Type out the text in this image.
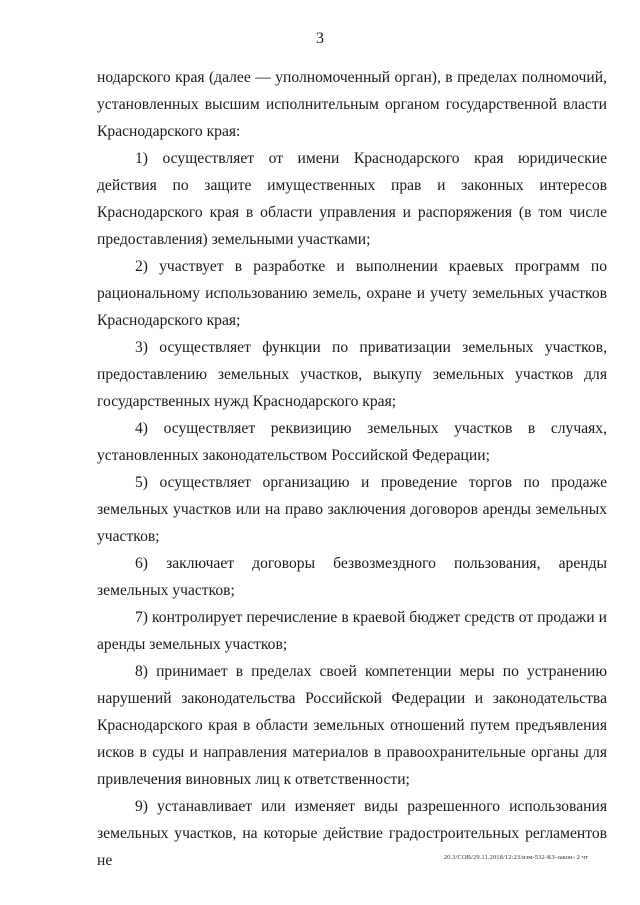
3

нодарского края (далее — уполномоченный орган), в пределах полномочий, установленных высшим исполнительным органом государственной власти Краснодарского края:

1) осуществляет от имени Краснодарского края юридические действия по защите имущественных прав и законных интересов Краснодарского края в области управления и распоряжения (в том числе предоставления) земельными участками;

2) участвует в разработке и выполнении краевых программ по рациональному использованию земель, охране и учету земельных участков Краснодарского края;

3) осуществляет функции по приватизации земельных участков, предоставлению земельных участков, выкупу земельных участков для государственных нужд Краснодарского края;

4) осуществляет реквизицию земельных участков в случаях, установленных законодательством Российской Федерации;

5) осуществляет организацию и проведение торгов по продаже земельных участков или на право заключения договоров аренды земельных участков;

6) заключает договоры безвозмездного пользования, аренды земельных участков;

7) контролирует перечисление в краевой бюджет средств от продажи и аренды земельных участков;

8) принимает в пределах своей компетенции меры по устранению нарушений законодательства Российской Федерации и законодательства Краснодарского края в области земельных отношений путем предъявления исков в суды и направления материалов в правоохранительные органы для привлечения виновных лиц к ответственности;

9) устанавливает или изменяет виды разрешенного использования земельных участков, на которые действие градостроительных регламентов не	20.3/СОВ/29.11.2018/12:23/изм-532-КЗ-закон- 2 чт
